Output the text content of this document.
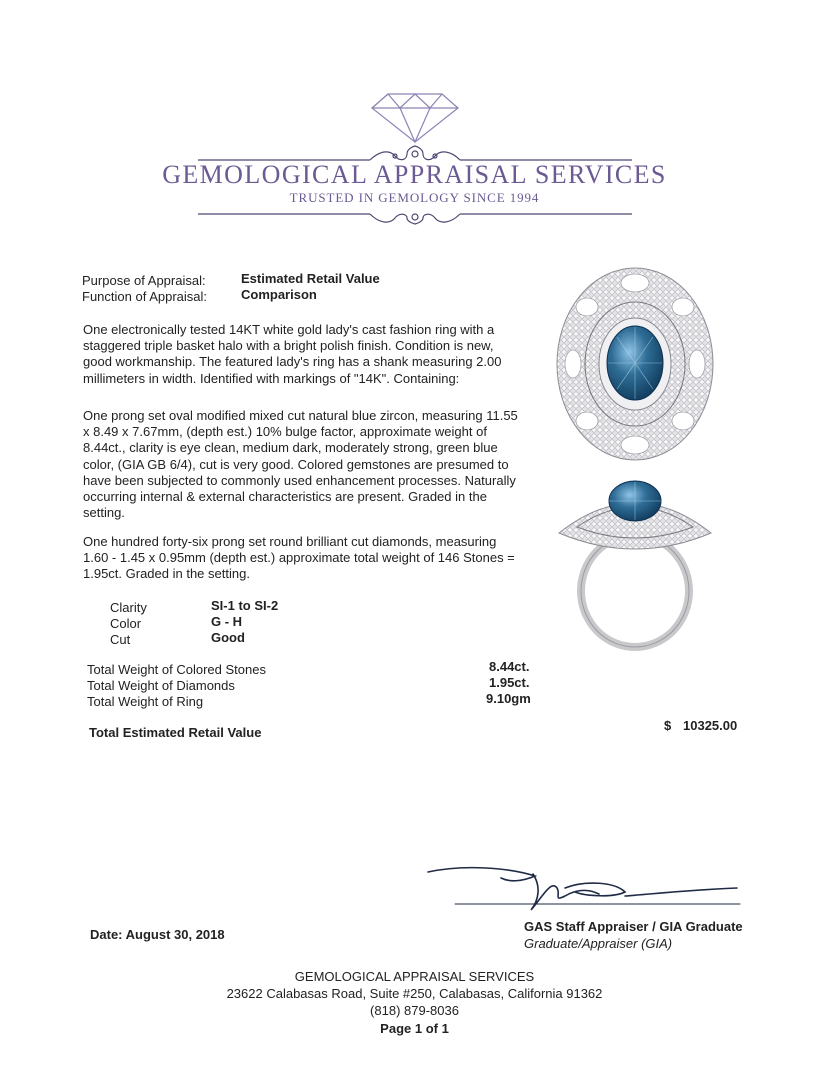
GEMOLOGICAL APPRAISAL SERVICES
TRUSTED IN GEMOLOGY SINCE 1994
Purpose of Appraisal:	Estimated Retail Value
Function of Appraisal:	Comparison
One electronically tested 14KT white gold lady's cast fashion ring with a staggered triple basket halo with a bright polish finish. Condition is new, good workmanship. The featured lady's ring has a shank measuring 2.00 millimeters in width. Identified with markings of "14K". Containing:
One prong set oval modified mixed cut natural blue zircon, measuring 11.55 x 8.49 x 7.67mm, (depth est.) 10% bulge factor, approximate weight of 8.44ct., clarity is eye clean, medium dark, moderately strong, green blue color, (GIA GB 6/4), cut is very good. Colored gemstones are presumed to have been subjected to commonly used enhancement processes. Naturally occurring internal & external characteristics are present. Graded in the setting.
One hundred forty-six prong set round brilliant cut diamonds, measuring 1.60 - 1.45 x 0.95mm (depth est.) approximate total weight of 146 Stones = 1.95ct. Graded in the setting.
Clarity	SI-1 to SI-2
Color	G - H
Cut	Good
Total Weight of Colored Stones	8.44ct.
Total Weight of Diamonds	1.95ct.
Total Weight of Ring	9.10gm
Total Estimated Retail Value	$ 10325.00
GAS Staff Appraiser / GIA Graduate
Graduate/Appraiser (GIA)
Date: August 30, 2018
GEMOLOGICAL APPRAISAL SERVICES
23622 Calabasas Road, Suite #250, Calabasas, California 91362
(818) 879-8036
Page 1 of 1
